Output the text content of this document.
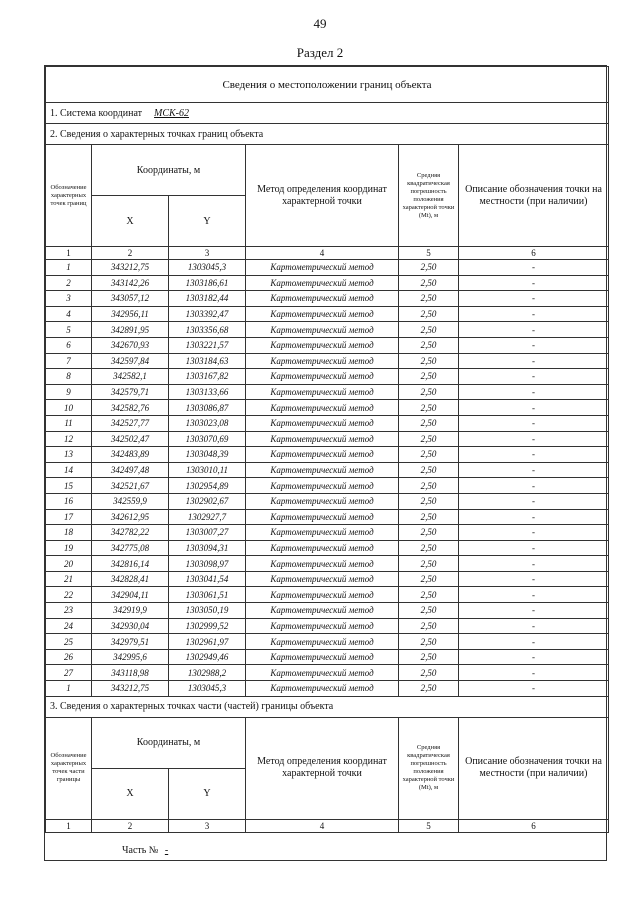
49
Раздел 2
Сведения о местоположении границ объекта					
1. Система координат МСК-62					
2. Сведения о характерных точках границ объекта					
Обозначение характерных точек границ	Координаты, м		Метод определения координат характерной точки	Средняя квадратическая погрешность положения характерной точки (Mt), м	Описание обозначения точки на местности (при наличии)
	X	Y			
1	2	3	4	5	6
1	343212,75	1303045,3	Картометрический метод	2,50	-
2	343142,26	1303186,61	Картометрический метод	2,50	-
3	343057,12	1303182,44	Картометрический метод	2,50	-
4	342956,11	1303392,47	Картометрический метод	2,50	-
5	342891,95	1303356,68	Картометрический метод	2,50	-
6	342670,93	1303221,57	Картометрический метод	2,50	-
7	342597,84	1303184,63	Картометрический метод	2,50	-
8	342582,1	1303167,82	Картометрический метод	2,50	-
9	342579,71	1303133,66	Картометрический метод	2,50	-
10	342582,76	1303086,87	Картометрический метод	2,50	-
11	342527,77	1303023,08	Картометрический метод	2,50	-
12	342502,47	1303070,69	Картометрический метод	2,50	-
13	342483,89	1303048,39	Картометрический метод	2,50	-
14	342497,48	1303010,11	Картометрический метод	2,50	-
15	342521,67	1302954,89	Картометрический метод	2,50	-
16	342559,9	1302902,67	Картометрический метод	2,50	-
17	342612,95	1302927,7	Картометрический метод	2,50	-
18	342782,22	1303007,27	Картометрический метод	2,50	-
19	342775,08	1303094,31	Картометрический метод	2,50	-
20	342816,14	1303098,97	Картометрический метод	2,50	-
21	342828,41	1303041,54	Картометрический метод	2,50	-
22	342904,11	1303061,51	Картометрический метод	2,50	-
23	342919,9	1303050,19	Картометрический метод	2,50	-
24	342930,04	1302999,52	Картометрический метод	2,50	-
25	342979,51	1302961,97	Картометрический метод	2,50	-
26	342995,6	1302949,46	Картометрический метод	2,50	-
27	343118,98	1302988,2	Картометрический метод	2,50	-
1	343212,75	1303045,3	Картометрический метод	2,50	-
3. Сведения о характерных точках части (частей) границы объекта					
Обозначение характерных точек части границы	Координаты, м		Метод определения координат характерной точки	Средняя квадратическая погрешность положения характерной точки (Mt), м	Описание обозначения точки на местности (при наличии)
	X	Y			
1	2	3	4	5	6
Часть № -
